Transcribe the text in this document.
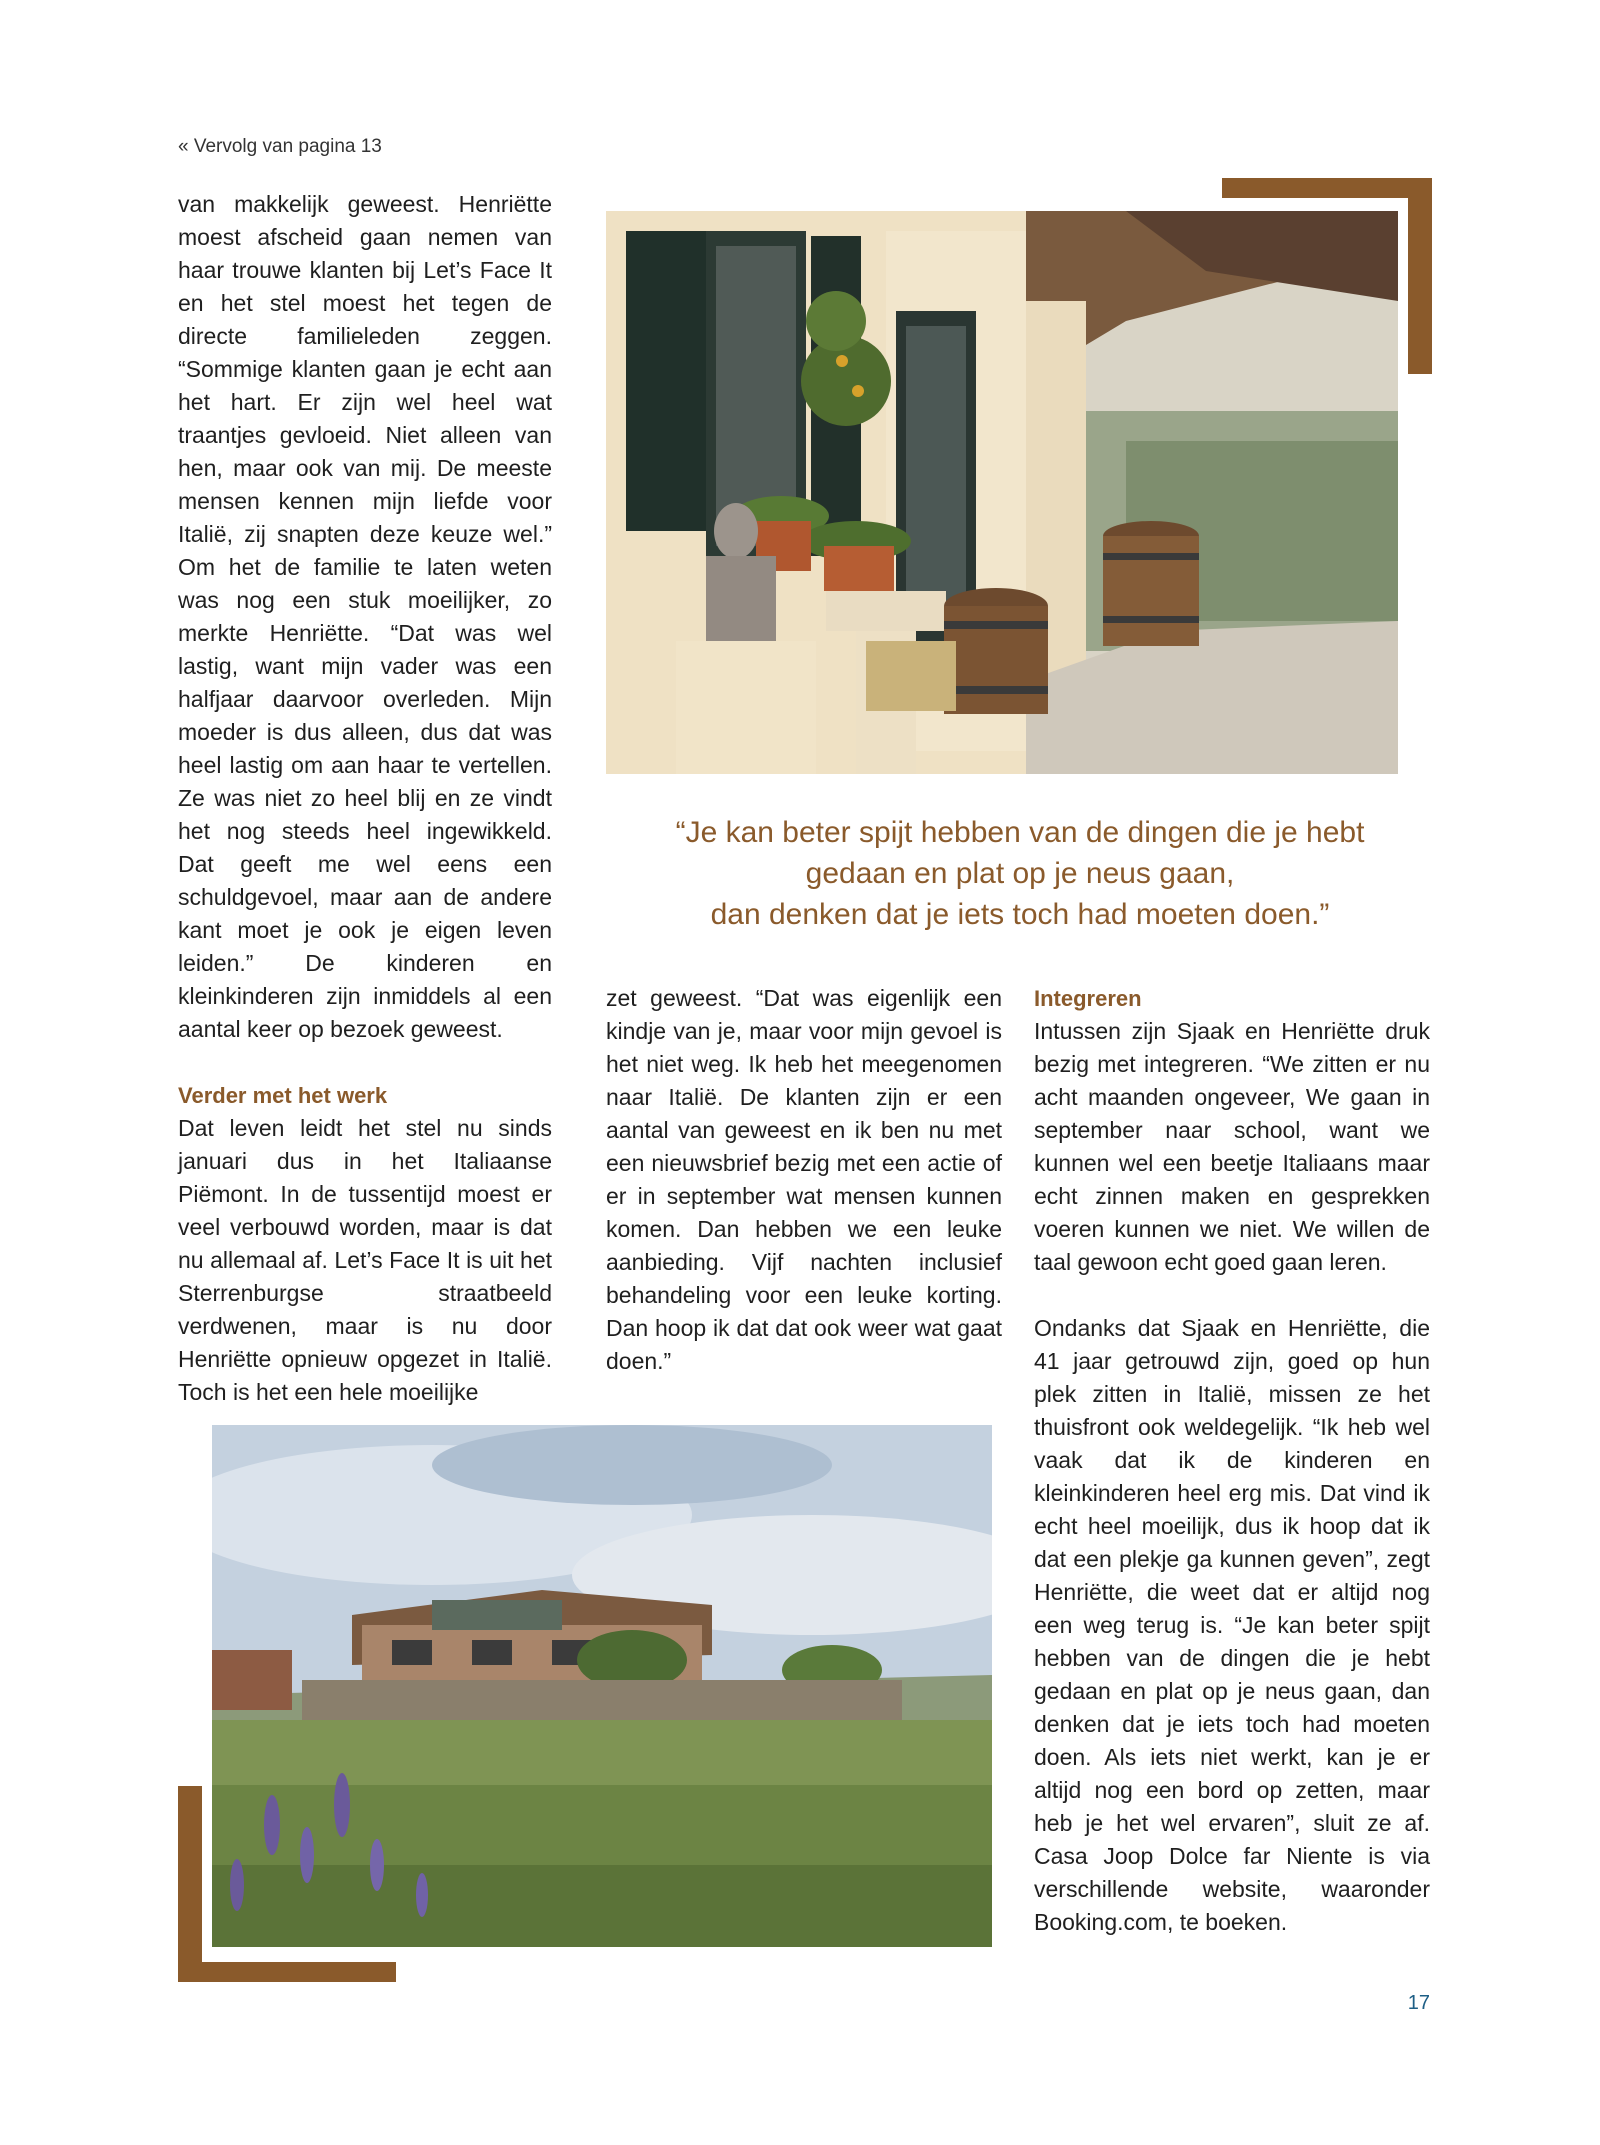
« Vervolg van pagina 13

van makkelijk geweest. Henriëtte moest afscheid gaan nemen van haar trouwe klanten bij Let’s Face It en het stel moest het tegen de directe familieleden zeggen. “Sommige klanten gaan je echt aan het hart. Er zijn wel heel wat traantjes gevloeid. Niet alleen van hen, maar ook van mij. De meeste mensen kennen mijn liefde voor Italië, zij snapten deze keuze wel.” Om het de familie te laten weten was nog een stuk moeilijker, zo merkte Henriëtte. “Dat was wel lastig, want mijn vader was een halfjaar daarvoor overleden. Mijn moeder is dus alleen, dus dat was heel lastig om aan haar te vertellen. Ze was niet zo heel blij en ze vindt het nog steeds heel ingewikkeld. Dat geeft me wel eens een schuldgevoel, maar aan de andere kant moet je ook je eigen leven leiden.” De kinderen en kleinkinderen zijn inmiddels al een aantal keer op bezoek geweest.

Verder met het werk

Dat leven leidt het stel nu sinds januari dus in het Italiaanse Piëmont. In de tussentijd moest er veel verbouwd worden, maar is dat nu allemaal af. Let’s Face It is uit het Sterrenburgse straatbeeld verdwenen, maar is nu door Henriëtte opnieuw opgezet in Italië. Toch is het een hele moeilijke

“Je kan beter spijt hebben van de dingen die je hebt
gedaan en plat op je neus gaan,
dan denken dat je iets toch had moeten doen.”

zet geweest. “Dat was eigenlijk een kindje van je, maar voor mijn gevoel is het niet weg. Ik heb het meegenomen naar Italië. De klanten zijn er een aantal van geweest en ik ben nu met een nieuwsbrief bezig met een actie of er in september wat mensen kunnen komen. Dan hebben we een leuke aanbieding. Vijf nachten inclusief behandeling voor een leuke korting. Dan hoop ik dat dat ook weer wat gaat doen.”

Integreren

Intussen zijn Sjaak en Henriëtte druk bezig met integreren. “We zitten er nu acht maanden ongeveer, We gaan in september naar school, want we kunnen wel een beetje Italiaans maar echt zinnen maken en gesprekken voeren kunnen we niet. We willen de taal gewoon echt goed gaan leren.

Ondanks dat Sjaak en Henriëtte, die 41 jaar getrouwd zijn, goed op hun plek zitten in Italië, missen ze het thuisfront ook weldegelijk. “Ik heb wel vaak dat ik de kinderen en kleinkinderen heel erg mis. Dat vind ik echt heel moeilijk, dus ik hoop dat ik dat een plekje ga kunnen geven”, zegt Henriëtte, die weet dat er altijd nog een weg terug is. “Je kan beter spijt hebben van de dingen die je hebt gedaan en plat op je neus gaan, dan denken dat je iets toch had moeten doen. Als iets niet werkt, kan je er altijd nog een bord op zetten, maar heb je het wel ervaren”, sluit ze af. Casa Joop Dolce far Niente is via verschillende website, waaronder Booking.com, te boeken.

17
